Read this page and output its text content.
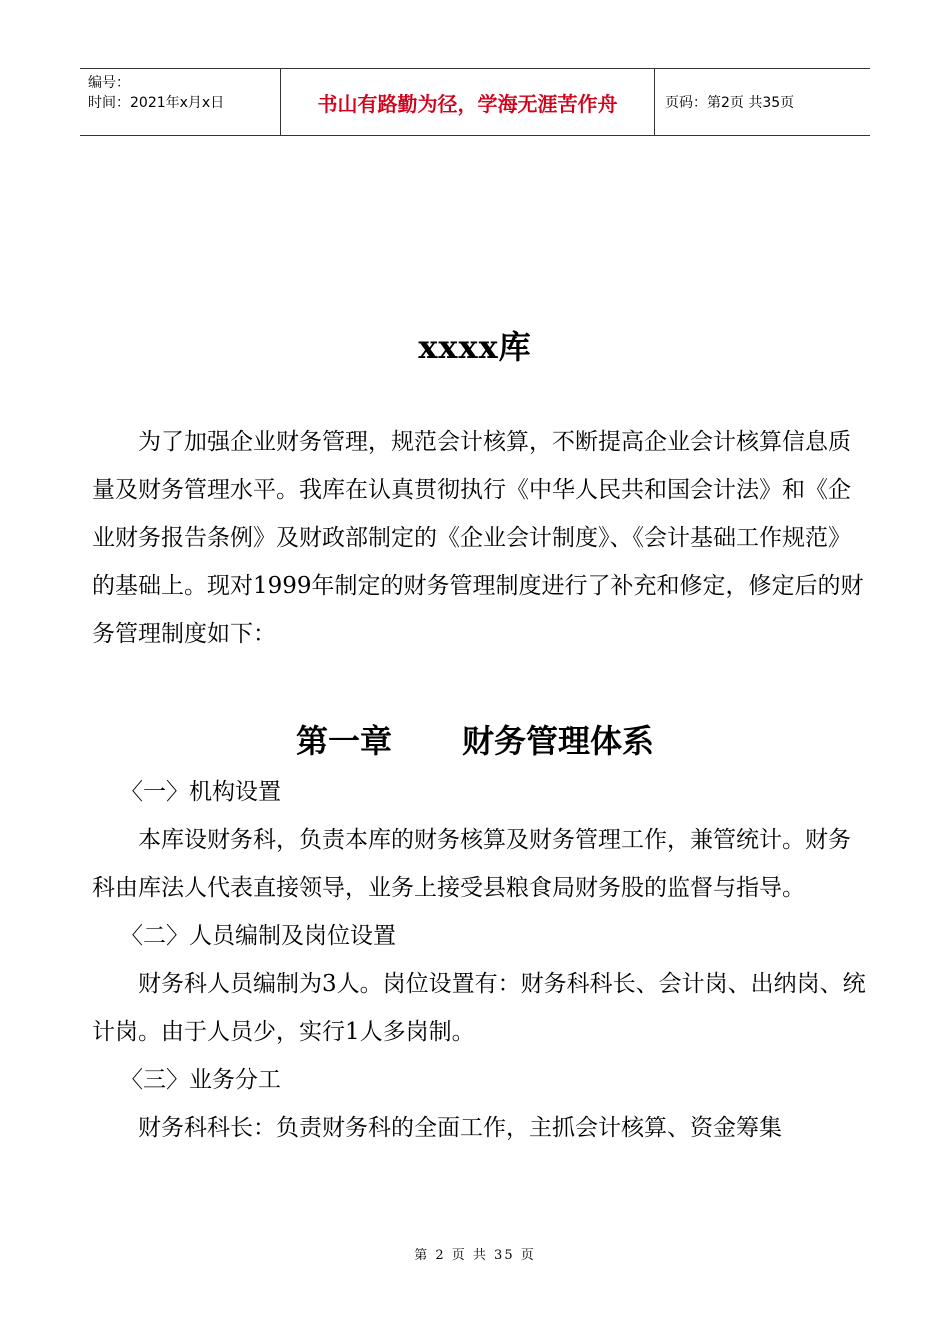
编号：
时间：2021年x月x日	书山有路勤为径，学海无涯苦作舟	页码：第2页 共35页
xxxx库

为了加强企业财务管理，规范会计核算，不断提高企业会计核算信息质量及财务管理水平。我库在认真贯彻执行《中华人民共和国会计法》和《企业财务报告条例》及财政部制定的《企业会计制度》、《会计基础工作规范》的基础上。现对1999年制定的财务管理制度进行了补充和修定，修定后的财务管理制度如下：

第一章 财务管理体系

〈一〉机构设置

本库设财务科，负责本库的财务核算及财务管理工作，兼管统计。财务科由库法人代表直接领导，业务上接受县粮食局财务股的监督与指导。

〈二〉人员编制及岗位设置

财务科人员编制为3人。岗位设置有：财务科科长、会计岗、出纳岗、统计岗。由于人员少，实行1人多岗制。

〈三〉业务分工

财务科科长：负责财务科的全面工作，主抓会计核算、资金筹集

第 2 页 共 35 页
